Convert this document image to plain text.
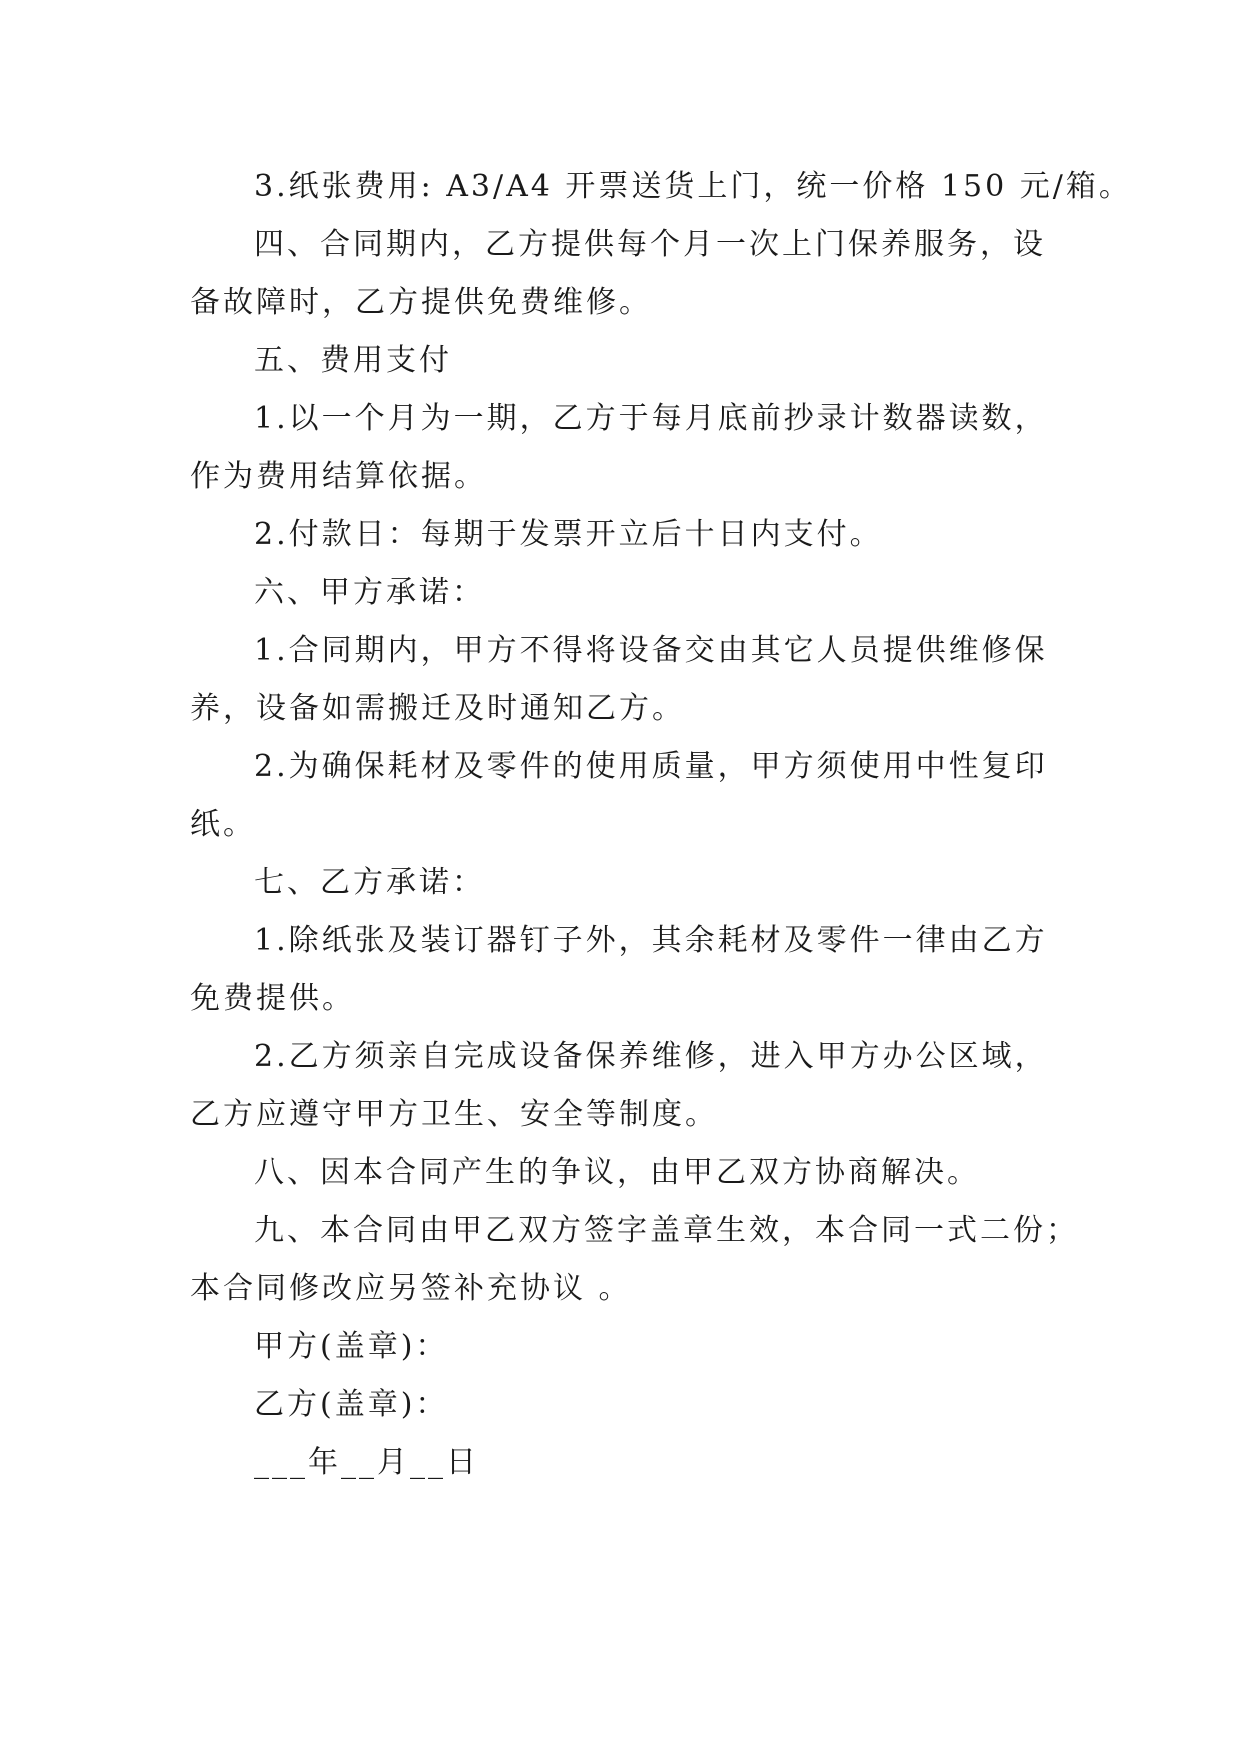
3.纸张费用: A3/A4 开票送货上门，统一价格 150 元/箱。
四、合同期内，乙方提供每个月一次上门保养服务，设
备故障时，乙方提供免费维修。
五、费用支付
1.以一个月为一期，乙方于每月底前抄录计数器读数，
作为费用结算依据。
2.付款日：每期于发票开立后十日内支付。
六、甲方承诺：
1.合同期内，甲方不得将设备交由其它人员提供维修保
养，设备如需搬迁及时通知乙方。
2.为确保耗材及零件的使用质量，甲方须使用中性复印
纸。
七、乙方承诺：
1.除纸张及装订器钉子外，其余耗材及零件一律由乙方
免费提供。
2.乙方须亲自完成设备保养维修，进入甲方办公区域，
乙方应遵守甲方卫生、安全等制度。
八、因本合同产生的争议，由甲乙双方协商解决。
九、本合同由甲乙双方签字盖章生效，本合同一式二份；
本合同修改应另签补充协议 。
甲方(盖章)：
乙方(盖章)：
___年__月__日
